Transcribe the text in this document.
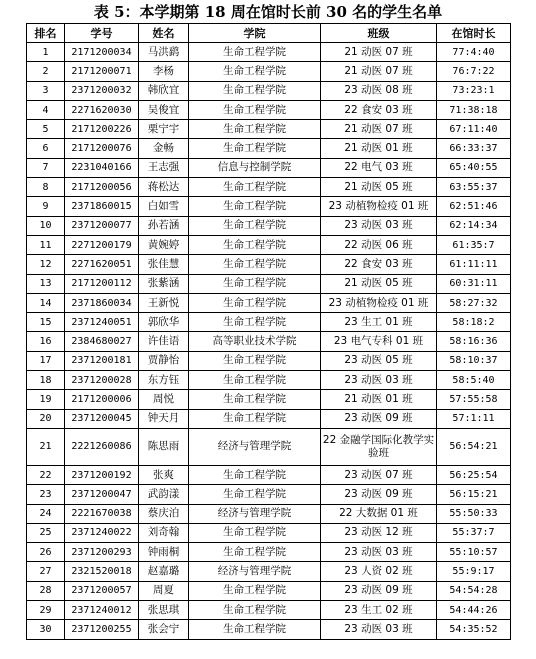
表 5：本学期第 18 周在馆时长前 30 名的学生名单
排名	学号	姓名	学院	班级	在馆时长
1	2171200034	马洪鹞	生命工程学院	21 动医 07 班	77:4:40
2	2171200071	李杨	生命工程学院	21 动医 07 班	76:7:22
3	2371200032	韩欣宜	生命工程学院	23 动医 08 班	73:23:1
4	2271620030	吴俊宜	生命工程学院	22 食安 03 班	71:38:18
5	2171200226	栗宁宇	生命工程学院	21 动医 07 班	67:11:40
6	2171200076	金畅	生命工程学院	21 动医 01 班	66:33:37
7	2231040166	王志强	信息与控制学院	22 电气 03 班	65:40:55
8	2171200056	蒋松达	生命工程学院	21 动医 05 班	63:55:37
9	2371860015	白如雪	生命工程学院	23 动植物检疫 01 班	62:51:46
10	2371200077	孙若涵	生命工程学院	23 动医 03 班	62:14:34
11	2271200179	黄婉婷	生命工程学院	22 动医 06 班	61:35:7
12	2271620051	张佳慧	生命工程学院	22 食安 03 班	61:11:11
13	2171200112	张紫涵	生命工程学院	21 动医 05 班	60:31:11
14	2371860034	王新悦	生命工程学院	23 动植物检疫 01 班	58:27:32
15	2371240051	郭欣华	生命工程学院	23 生工 01 班	58:18:2
16	2384680027	许佳语	高等职业技术学院	23 电气专科 01 班	58:16:36
17	2371200181	贾静怡	生命工程学院	23 动医 05 班	58:10:37
18	2371200028	东方钰	生命工程学院	23 动医 03 班	58:5:40
19	2171200006	周悦	生命工程学院	21 动医 01 班	57:55:58
20	2371200045	钟天月	生命工程学院	23 动医 09 班	57:1:11
21	2221260086	陈思雨	经济与管理学院	22 金融学国际化教学实验班	56:54:21
22	2371200192	张爽	生命工程学院	23 动医 07 班	56:25:54
23	2371200047	武韵漾	生命工程学院	23 动医 09 班	56:15:21
24	2221670038	蔡庆泊	经济与管理学院	22 大数据 01 班	55:50:33
25	2371240022	刘奇翰	生命工程学院	23 动医 12 班	55:37:7
26	2371200293	钟雨桐	生命工程学院	23 动医 03 班	55:10:57
27	2321520018	赵嘉璐	经济与管理学院	23 人资 02 班	55:9:17
28	2371200057	周夏	生命工程学院	23 动医 09 班	54:54:28
29	2371240012	张思琪	生命工程学院	23 生工 02 班	54:44:26
30	2371200255	张会宁	生命工程学院	23 动医 03 班	54:35:52
